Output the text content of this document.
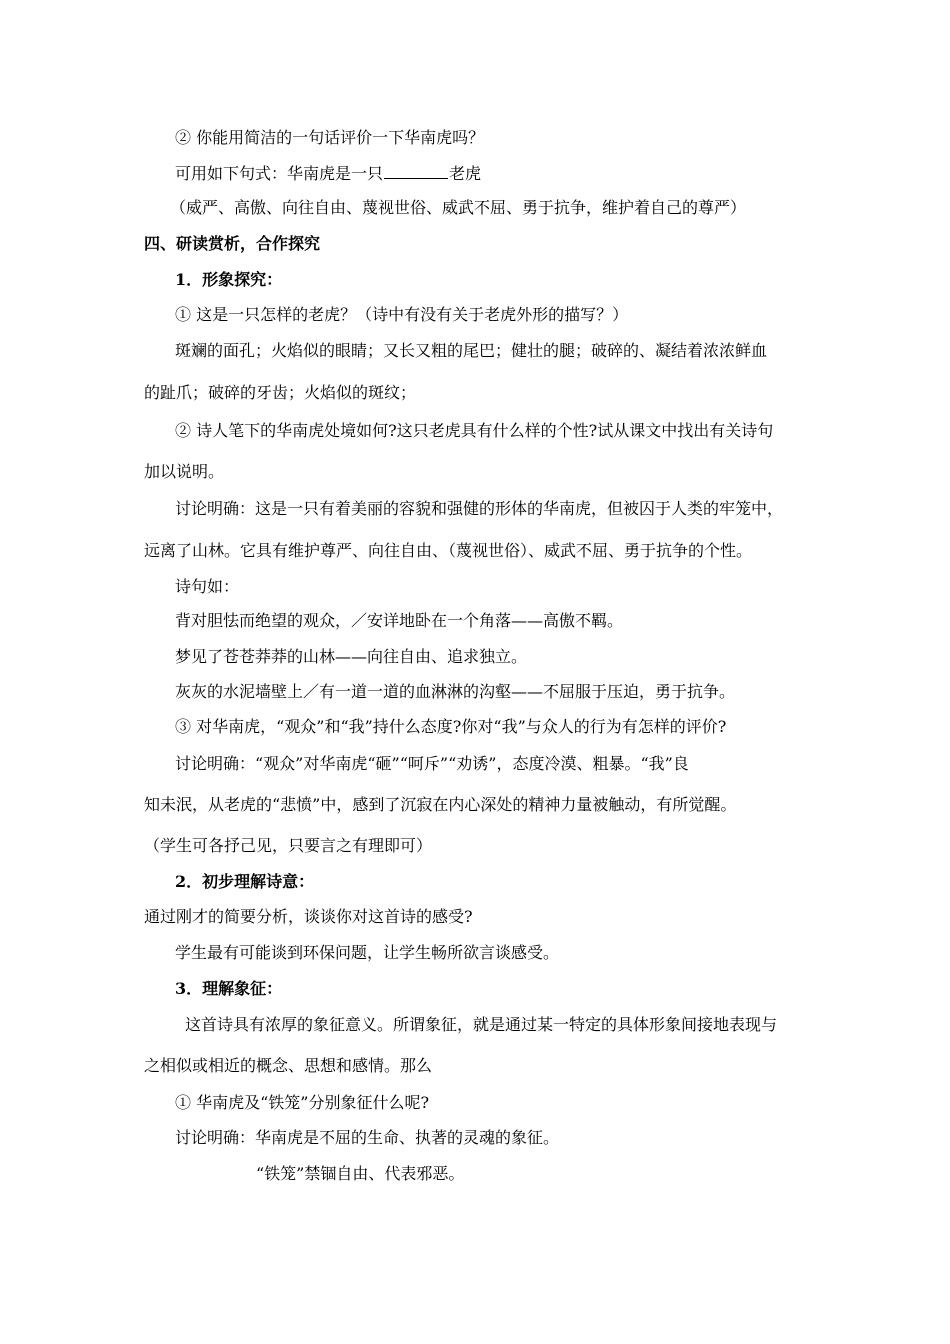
② 你能用简洁的一句话评价一下华南虎吗？
可用如下句式：华南虎是一只	老虎
（威严、高傲、向往自由、蔑视世俗、威武不屈、勇于抗争，维护着自己的尊严）
四、研读赏析，合作探究
1．形象探究：
① 这是一只怎样的老虎？（诗中有没有关于老虎外形的描写？）
斑斓的面孔；火焰似的眼睛；又长又粗的尾巴；健壮的腿；破碎的、凝结着浓浓鲜血
的趾爪；破碎的牙齿；火焰似的斑纹；
② 诗人笔下的华南虎处境如何?这只老虎具有什么样的个性?试从课文中找出有关诗句
加以说明。
讨论明确：这是一只有着美丽的容貌和强健的形体的华南虎，但被囚于人类的牢笼中，
远离了山林。它具有维护尊严、向往自由、（蔑视世俗）、威武不屈、勇于抗争的个性。
诗句如：
背对胆怯而绝望的观众，／安详地卧在一个角落——高傲不羁。
梦见了苍苍莽莽的山林——向往自由、追求独立。
灰灰的水泥墙壁上／有一道一道的血淋淋的沟壑——不屈服于压迫，勇于抗争。
③ 对华南虎，“观众”和“我”持什么态度?你对“我”与众人的行为有怎样的评价?
讨论明确：“观众”对华南虎“砸”“呵斥”“劝诱”，态度冷漠、粗暴。“我”良
知未泯，从老虎的“悲愤”中，感到了沉寂在内心深处的精神力量被触动，有所觉醒。
（学生可各抒己见，只要言之有理即可）
2．初步理解诗意：
通过刚才的简要分析，谈谈你对这首诗的感受?
学生最有可能谈到环保问题，让学生畅所欲言谈感受。
3．理解象征：
这首诗具有浓厚的象征意义。所谓象征，就是通过某一特定的具体形象间接地表现与
之相似或相近的概念、思想和感情。那么
① 华南虎及“铁笼”分别象征什么呢?
讨论明确：华南虎是不屈的生命、执著的灵魂的象征。
“铁笼”禁锢自由、代表邪恶。
